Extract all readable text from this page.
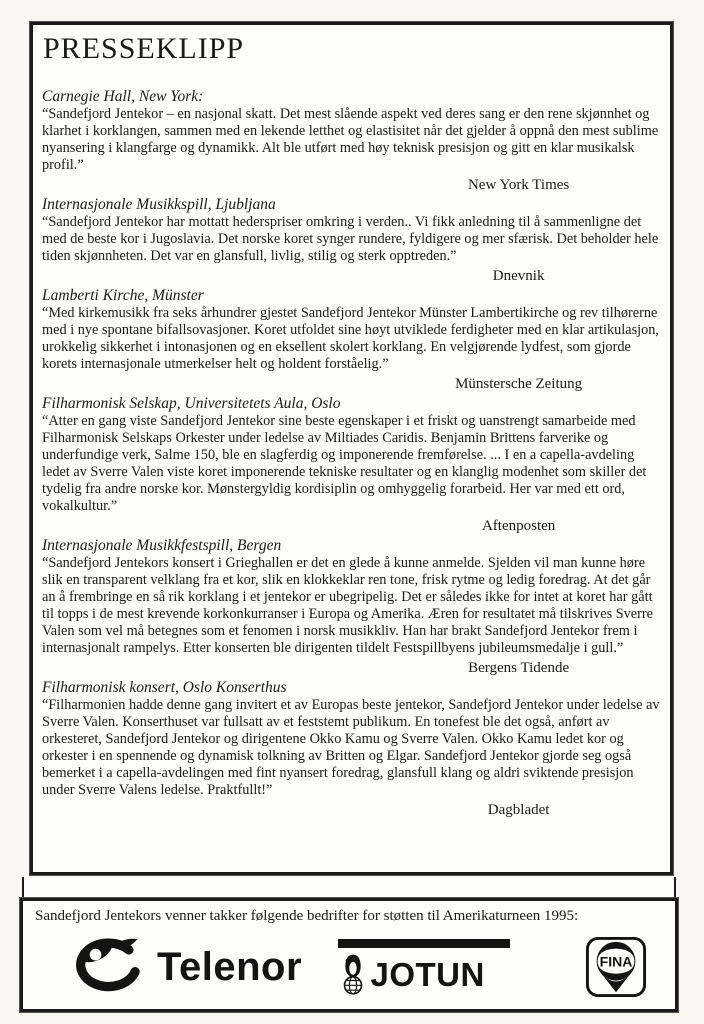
PRESSEKLIPP

Carnegie Hall, New York:

“Sandefjord Jentekor – en nasjonal skatt. Det mest slående aspekt ved deres sang er den rene skjønnhet og klarhet i korklangen, sammen med en lekende letthet og elastisitet når det gjelder å oppnå den mest sublime nyansering i klangfarge og dynamikk. Alt ble utført med høy teknisk presisjon og gitt en klar musikalsk profil.”

New York Times

Internasjonale Musikkspill, Ljubljana

“Sandefjord Jentekor har mottatt hederspriser omkring i verden.. Vi fikk anledning til å sammenligne det med de beste kor i Jugoslavia. Det norske koret synger rundere, fyldigere og mer sfærisk. Det beholder hele tiden skjønnheten. Det var en glansfull, livlig, stilig og sterk opptreden.”

Dnevnik

Lamberti Kirche, Münster

“Med kirkemusikk fra seks århundrer gjestet Sandefjord Jentekor Münster Lambertikirche og rev tilhørerne med i nye spontane bifallsovasjoner. Koret utfoldet sine høyt utviklede ferdigheter med en klar artikulasjon, urokkelig sikkerhet i intonasjonen og en eksellent skolert korklang. En velgjørende lydfest, som gjorde korets internasjonale utmerkelser helt og holdent forståelig.”

Münstersche Zeitung

Filharmonisk Selskap, Universitetets Aula, Oslo

“Atter en gang viste Sandefjord Jentekor sine beste egenskaper i et friskt og uanstrengt samarbeide med Filharmonisk Selskaps Orkester under ledelse av Miltiades Caridis. Benjamin Brittens farverike og underfundige verk, Salme 150, ble en slagferdig og imponerende fremførelse. ... I en a capella-avdeling ledet av Sverre Valen viste koret imponerende tekniske resultater og en klanglig modenhet som skiller det tydelig fra andre norske kor. Mønstergyldig kordisiplin og omhyggelig forarbeid. Her var med ett ord, vokalkultur.”

Aftenposten

Internasjonale Musikkfestspill, Bergen

“Sandefjord Jentekors konsert i Grieghallen er det en glede å kunne anmelde. Sjelden vil man kunne høre slik en transparent velklang fra et kor, slik en klokkeklar ren tone, frisk rytme og ledig foredrag. At det går an å frembringe en så rik korklang i et jentekor er ubegripelig. Det er således ikke for intet at koret har gått til topps i de mest krevende korkonkurranser i Europa og Amerika. Æren for resultatet må tilskrives Sverre Valen som vel må betegnes som et fenomen i norsk musikkliv. Han har brakt Sandefjord Jentekor frem i internasjonalt rampelys. Etter konserten ble dirigenten tildelt Festspillbyens jubileumsmedalje i gull.”

Bergens Tidende

Filharmonisk konsert, Oslo Konserthus

“Filharmonien hadde denne gang invitert et av Europas beste jentekor, Sandefjord Jentekor under ledelse av Sverre Valen. Konserthuset var fullsatt av et feststemt publikum. En tonefest ble det også, anført av orkesteret, Sandefjord Jentekor og dirigentene Okko Kamu og Sverre Valen. Okko Kamu ledet kor og orkester i en spennende og dynamisk tolkning av Britten og Elgar. Sandefjord Jentekor gjorde seg også bemerket i a capella-avdelingen med fint nyansert foredrag, glansfull klang og aldri sviktende presisjon under Sverre Valens ledelse. Praktfullt!”

Dagbladet

Sandefjord Jentekors venner takker følgende bedrifter for støtten til Amerikaturneen 1995:

Telenor JOTUN	FINA
